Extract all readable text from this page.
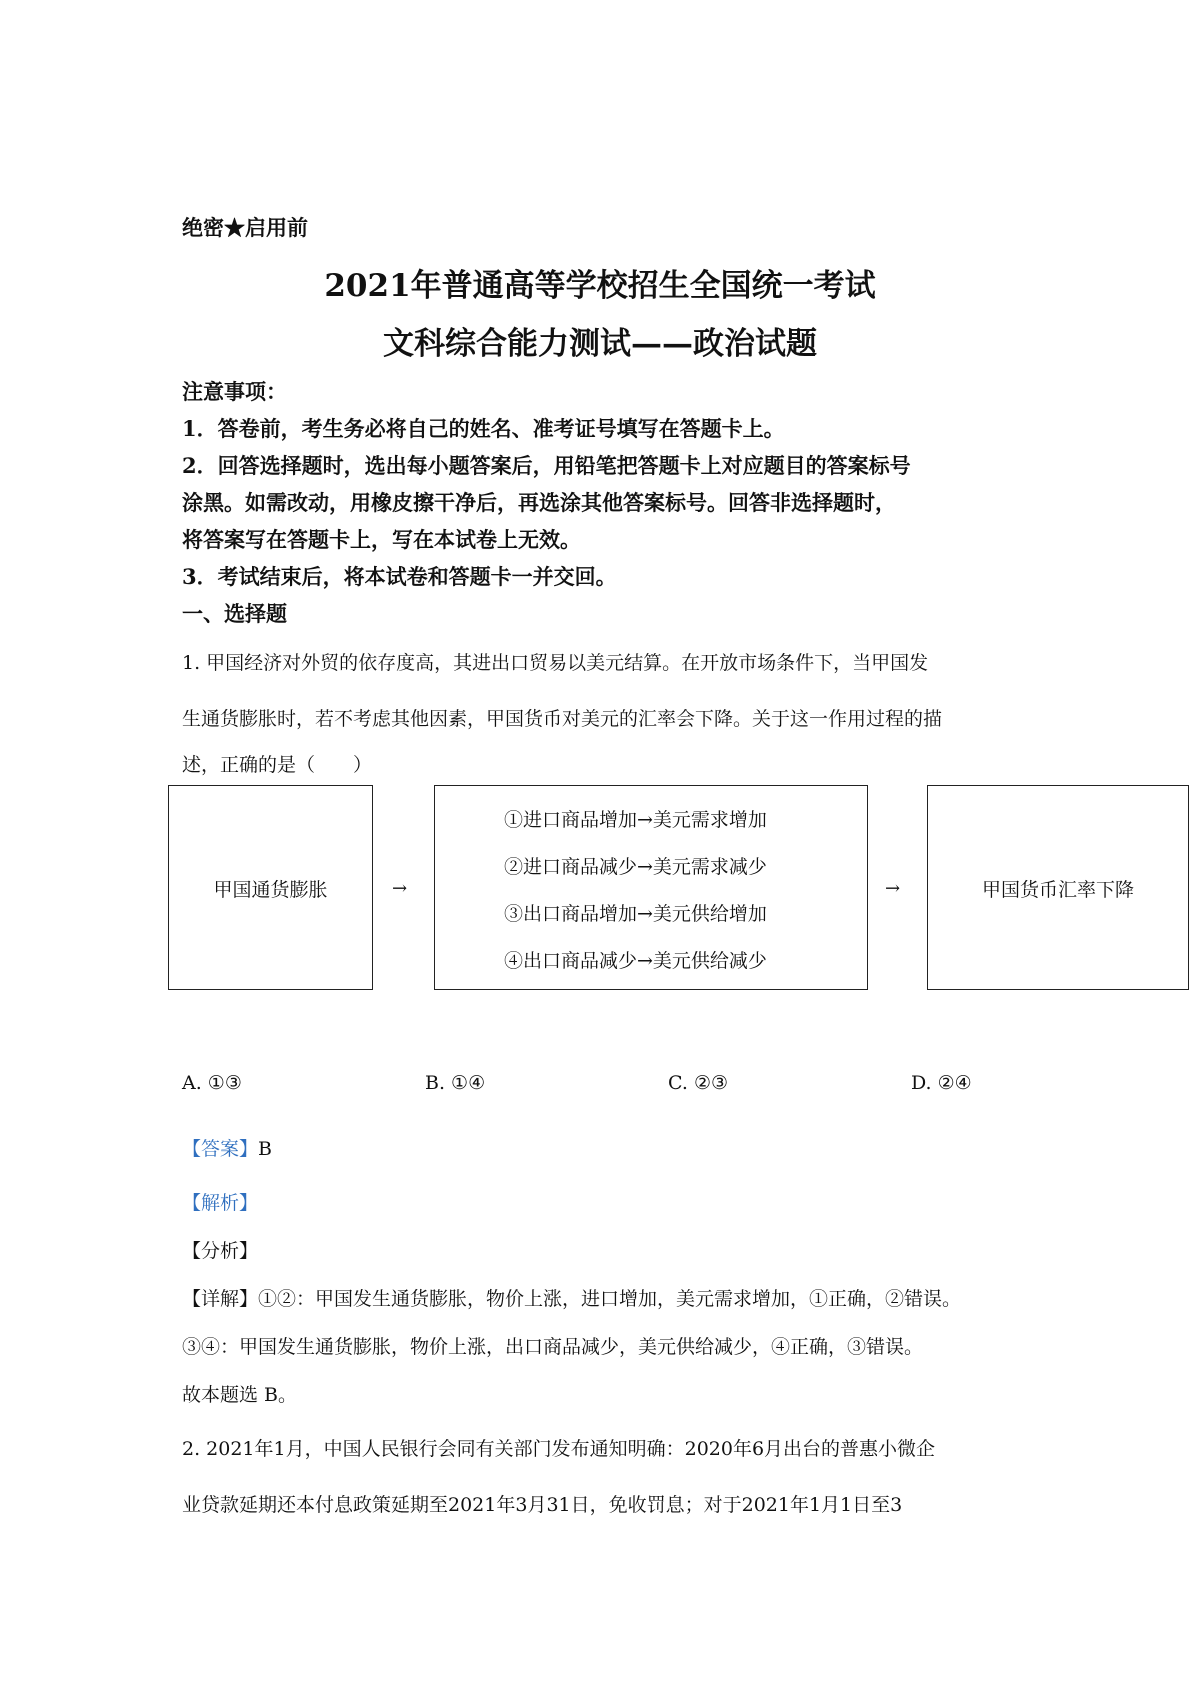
绝密★启用前
2021年普通高等学校招生全国统一考试
文科综合能力测试——政治试题
注意事项：
1．答卷前，考生务必将自己的姓名、准考证号填写在答题卡上。
2．回答选择题时，选出每小题答案后，用铅笔把答题卡上对应题目的答案标号
涂黑。如需改动，用橡皮擦干净后，再选涂其他答案标号。回答非选择题时，
将答案写在答题卡上，写在本试卷上无效。
3．考试结束后，将本试卷和答题卡一并交回。
一、选择题
1. 甲国经济对外贸的依存度高，其进出口贸易以美元结算。在开放市场条件下，当甲国发
生通货膨胀时，若不考虑其他因素，甲国货币对美元的汇率会下降。关于这一作用过程的描
述，正确的是（　　）
甲国通货膨胀	→
①进口商品增加→美元需求增加
②进口商品减少→美元需求减少
③出口商品增加→美元供给增加
④出口商品减少→美元供给减少
→	甲国货币汇率下降
A. ①③	B. ①④	C. ②③	D. ②④
【答案】B
【解析】
【分析】
【详解】①②：甲国发生通货膨胀，物价上涨，进口增加，美元需求增加，①正确，②错误。
③④：甲国发生通货膨胀，物价上涨，出口商品减少，美元供给减少，④正确，③错误。
故本题选 B。
2. 2021年1月，中国人民银行会同有关部门发布通知明确：2020年6月出台的普惠小微企
业贷款延期还本付息政策延期至2021年3月31日，免收罚息；对于2021年1月1日至3
